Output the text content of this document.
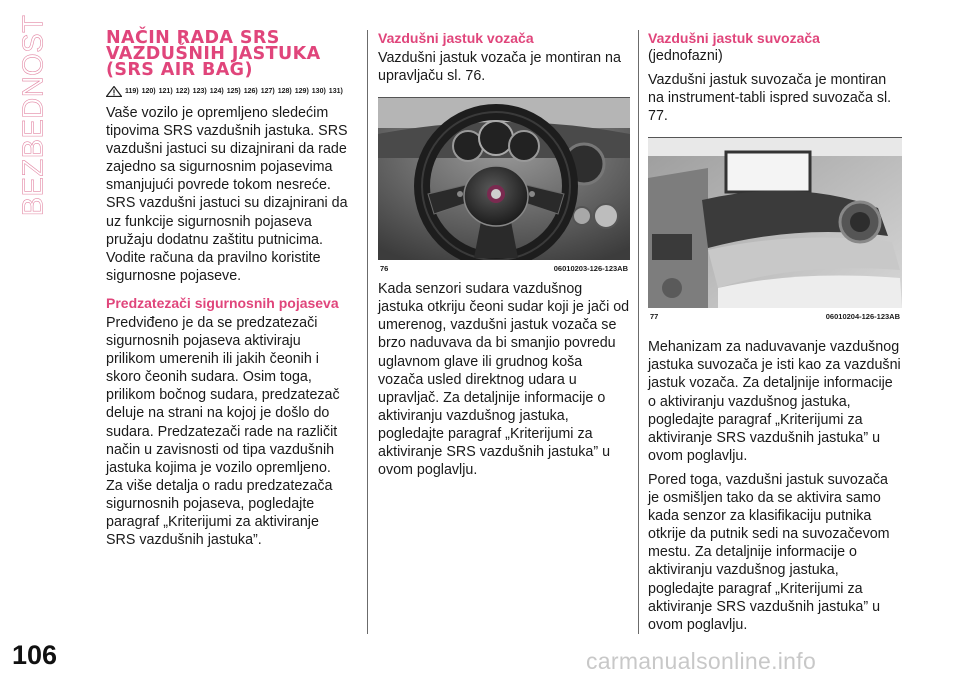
BEZBEDNOST	NAČIN RADA SRS VAZDUŠNIH JASTUKA (SRS AIR BAG)
119) 120) 121) 122) 123) 124) 125) 126) 127) 128) 129) 130) 131)

Vaše vozilo je opremljeno sledećim tipovima SRS vazdušnih jastuka. SRS vazdušni jastuci su dizajnirani da rade zajedno sa sigurnosnim pojasevima smanjujući povrede tokom nesreće. SRS vazdušni jastuci su dizajnirani da uz funkcije sigurnosnih pojaseva pružaju dodatnu zaštitu putnicima. Vodite računa da pravilno koristite sigurnosne pojaseve.

Predzatezači sigurnosnih pojaseva

Predviđeno je da se predzatezači sigurnosnih pojaseva aktiviraju prilikom umerenih ili jakih čeonih i skoro čeonih sudara. Osim toga, prilikom bočnog sudara, predzatezač deluje na strani na kojoj je došlo do sudara. Predzatezači rade na različit način u zavisnosti od tipa vazdušnih jastuka kojima je vozilo opremljeno. Za više detalja o radu predzatezača sigurnosnih pojaseva, pogledajte paragraf „Kriterijumi za aktiviranje SRS vazdušnih jastuka”.

Vazdušni jastuk vozača

Vazdušni jastuk vozača je montiran na upravljaču sl. 76.

76	06010203-126-123AB

Kada senzori sudara vazdušnog jastuka otkriju čeoni sudar koji je jači od umerenog, vazdušni jastuk vozača se brzo naduvava da bi smanjio povredu uglavnom glave ili grudnog koša vozača usled direktnog udara u upravljač. Za detaljnije informacije o aktiviranju vazdušnog jastuka, pogledajte paragraf „Kriterijumi za aktiviranje SRS vazdušnih jastuka” u ovom poglavlju.

Vazdušni jastuk suvozača
(jednofazni)

Vazdušni jastuk suvozača je montiran na instrument-tabli ispred suvozača sl. 77.

77	06010204-126-123AB

Mehanizam za naduvavanje vazdušnog jastuka suvozača je isti kao za vazdušni jastuk vozača. Za detaljnije informacije o aktiviranju vazdušnog jastuka, pogledajte paragraf „Kriterijumi za aktiviranje SRS vazdušnih jastuka” u ovom poglavlju.

Pored toga, vazdušni jastuk suvozača je osmišljen tako da se aktivira samo kada senzor za klasifikaciju putnika otkrije da putnik sedi na suvozačevom mestu. Za detaljnije informacije o aktiviranju vazdušnog jastuka, pogledajte paragraf „Kriterijumi za aktiviranje SRS vazdušnih jastuka” u ovom poglavlju.

106	carmanualsonline.info
